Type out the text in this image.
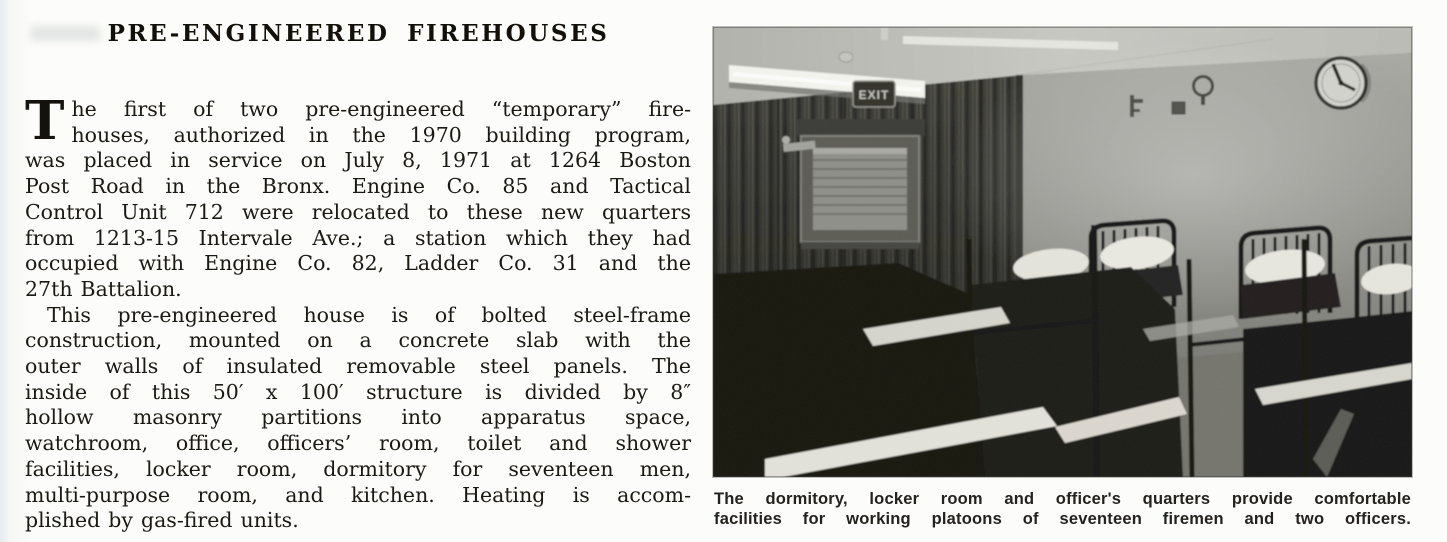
PRE-ENGINEERED FIREHOUSES
T he first of two pre-engineered “temporary” fire-
houses, authorized in the 1970 building program,
was placed in service on July 8, 1971 at 1264 Boston
Post Road in the Bronx. Engine Co. 85 and Tactical
Control Unit 712 were relocated to these new quarters
from 1213-15 Intervale Ave.; a station which they had
occupied with Engine Co. 82, Ladder Co. 31 and the
27th Battalion.
This pre-engineered house is of bolted steel-frame
construction, mounted on a concrete slab with the
outer walls of insulated removable steel panels. The
inside of this 50′ x 100′ structure is divided by 8″
hollow masonry partitions into apparatus space,
watchroom, office, officers’ room, toilet and shower
facilities, locker room, dormitory for seventeen men,
multi-purpose room, and kitchen. Heating is accom-
plished by gas-fired units.
The dormitory, locker room and officer's quarters provide comfortable
facilities for working platoons of seventeen firemen and two officers.
